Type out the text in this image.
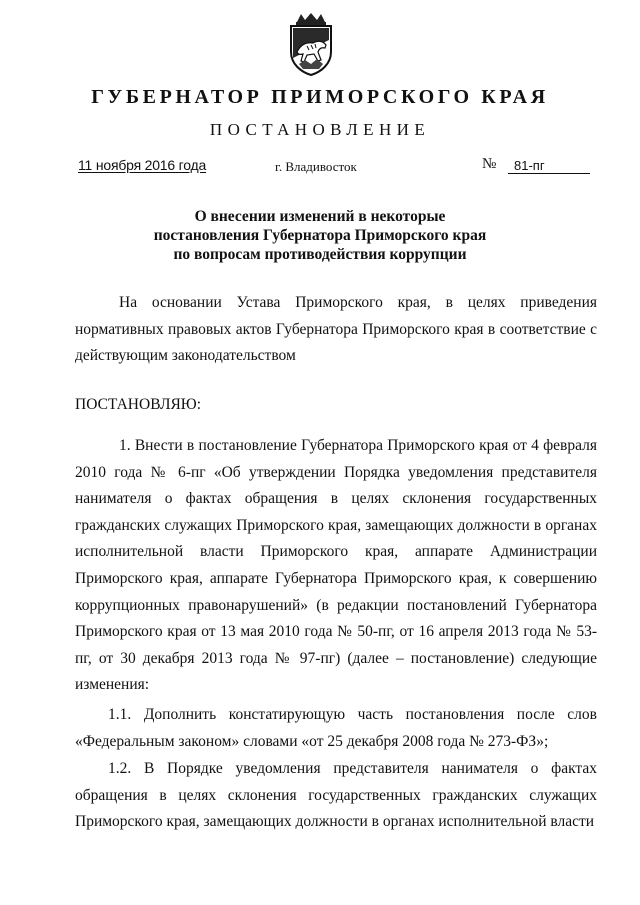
ГУБЕРНАТОР ПРИМОРСКОГО КРАЯ
ПОСТАНОВЛЕНИЕ
11 ноября 2016 года	г. Владивосток	№	81-пг
О внесении изменений в некоторые
постановления Губернатора Приморского края
по вопросам противодействия коррупции
На основании Устава Приморского края, в целях приведения нормативных правовых актов Губернатора Приморского края в соответствие с действующим законодательством
ПОСТАНОВЛЯЮ:
1. Внести в постановление Губернатора Приморского края от 4 февраля 2010 года № 6-пг «Об утверждении Порядка уведомления представителя нанимателя о фактах обращения в целях склонения государственных гражданских служащих Приморского края, замещающих должности в органах исполнительной власти Приморского края, аппарате Администрации Приморского края, аппарате Губернатора Приморского края, к совершению коррупционных правонарушений» (в редакции постановлений Губернатора Приморского края от 13 мая 2010 года № 50-пг, от 16 апреля 2013 года № 53-пг, от 30 декабря 2013 года № 97-пг) (далее – постановление) следующие изменения:
1.1. Дополнить констатирующую часть постановления после слов «Федеральным законом» словами «от 25 декабря 2008 года № 273-ФЗ»;
1.2. В Порядке уведомления представителя нанимателя о фактах обращения в целях склонения государственных гражданских служащих Приморского края, замещающих должности в органах исполнительной власти
